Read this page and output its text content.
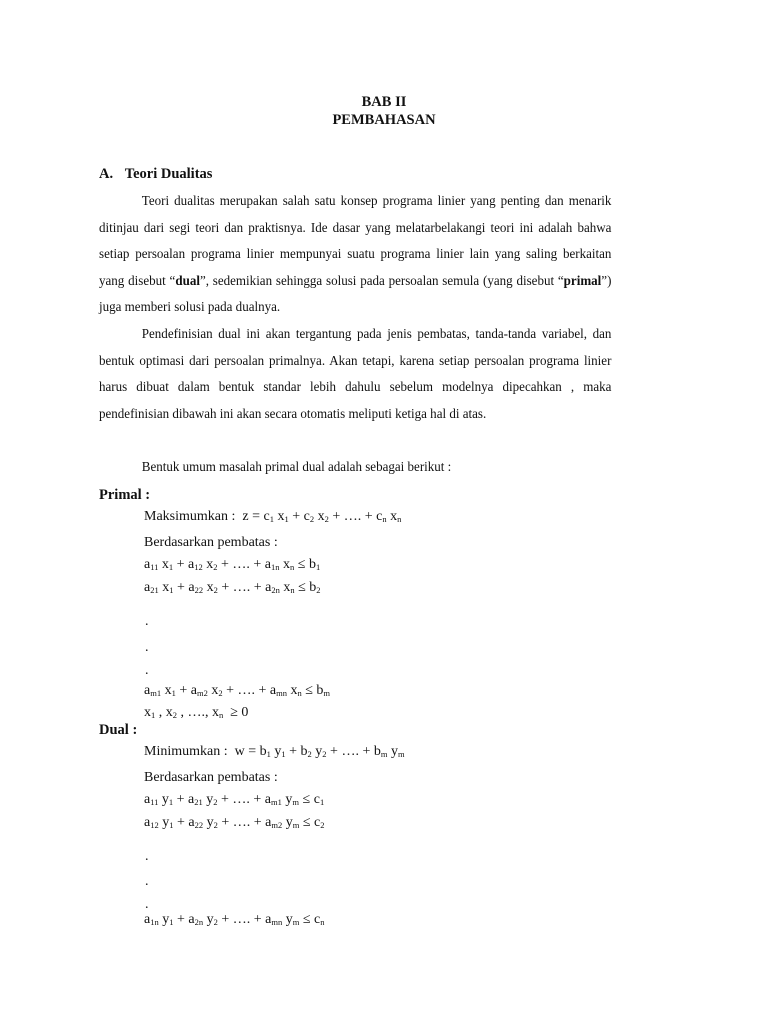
BAB II
PEMBAHASAN
A. Teori Dualitas

Teori dualitas merupakan salah satu konsep programa linier yang penting dan menarik ditinjau dari segi teori dan praktisnya. Ide dasar yang melatarbelakangi teori ini adalah bahwa setiap persoalan programa linier mempunyai suatu programa linier lain yang saling berkaitan yang disebut “dual”, sedemikian sehingga solusi pada persoalan semula (yang disebut “primal”) juga memberi solusi pada dualnya.

Pendefinisian dual ini akan tergantung pada jenis pembatas, tanda-tanda variabel, dan bentuk optimasi dari persoalan primalnya. Akan tetapi, karena setiap persoalan programa linier harus dibuat dalam bentuk standar lebih dahulu sebelum modelnya dipecahkan , maka pendefinisian dibawah ini akan secara otomatis meliputi ketiga hal di atas.

Bentuk umum masalah primal dual adalah sebagai berikut :

Primal :
Maksimumkan :  $z = c_1$ $x_1 + c_2$ $x_2$ + …. + $c_n$ $x_n$
Berdasarkan pembatas :
$a_{11}$ $x_1 + a_{12}$ $x_2$ + …. + $a_{1n}$ $x_n \le b_1$
$a_{21}$ $x_1 + a_{22}$ $x_2$ + …. + $a_{2n}$ $x_n \le b_2$
.
.
.
$a_{m1}$ $x_1 + a_{m2}$ $x_2$ + …. + $a_{mn}$ $x_n \le b_m$
$x_1$ , $x_2$ , …., $x_n \ge 0$
Dual :
Minimumkan :  $w = b_1$ $y_1 + b_2$ $y_2$ + …. + $b_m$ $y_m$
Berdasarkan pembatas :
$a_{11}$ $y_1 + a_{21}$ $y_2$ + …. + $a_{m1}$ $y_m \le c_1$
$a_{12}$ $y_1 + a_{22}$ $y_2$ + …. + $a_{m2}$ $y_m \le c_2$
.
.
.
$a_{1n}$ $y_1 + a_{2n}$ $y_2$ + …. + $a_{mn}$ $y_m \le c_n$
